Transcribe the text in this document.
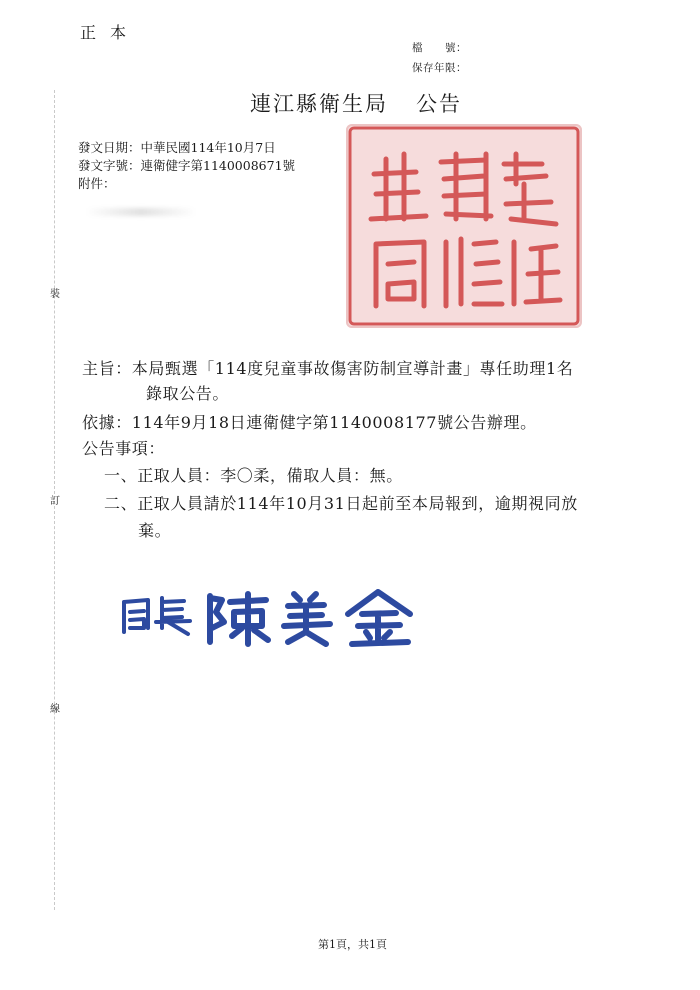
正本
檔　　號：
保存年限：
連江縣衛生局 公告
裝
訂
線
發文日期：中華民國114年10月7日
發文字號：連衛健字第1140008671號
附件：
主旨：本局甄選「114度兒童事故傷害防制宣導計畫」專任助理1名
錄取公告。
依據：114年9月18日連衛健字第1140008177號公告辦理。
公告事項：
一、正取人員：李〇柔，備取人員：無。
二、正取人員請於114年10月31日起前至本局報到，逾期視同放
棄。
第1頁，共1頁
